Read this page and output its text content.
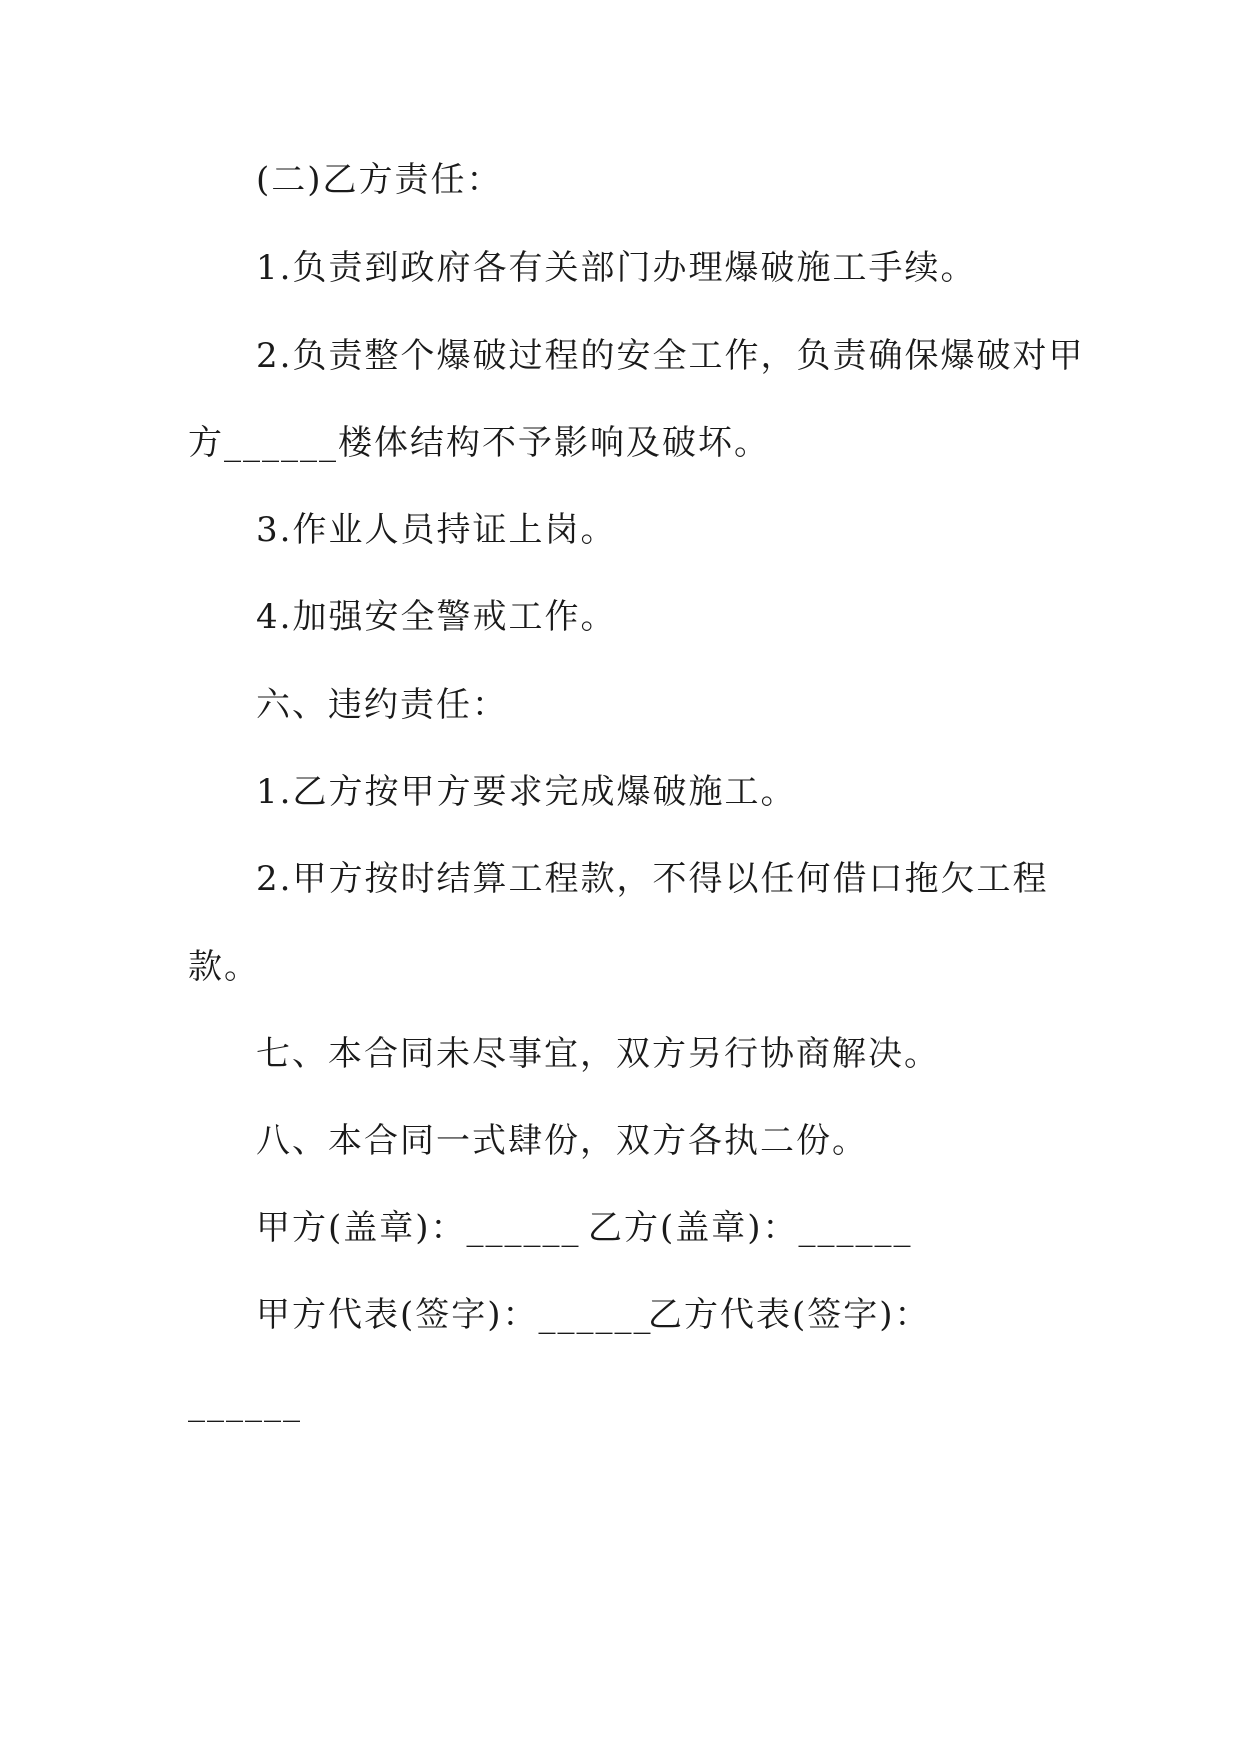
(二)乙方责任：
1.负责到政府各有关部门办理爆破施工手续。
2.负责整个爆破过程的安全工作，负责确保爆破对甲
方______楼体结构不予影响及破坏。
3.作业人员持证上岗。
4.加强安全警戒工作。
六、违约责任：
1.乙方按甲方要求完成爆破施工。
2.甲方按时结算工程款，不得以任何借口拖欠工程
款。
七、本合同未尽事宜，双方另行协商解决。
八、本合同一式肆份，双方各执二份。
甲方(盖章)：______ 乙方(盖章)：______
甲方代表(签字)：______
乙方代表(签字)：
______
